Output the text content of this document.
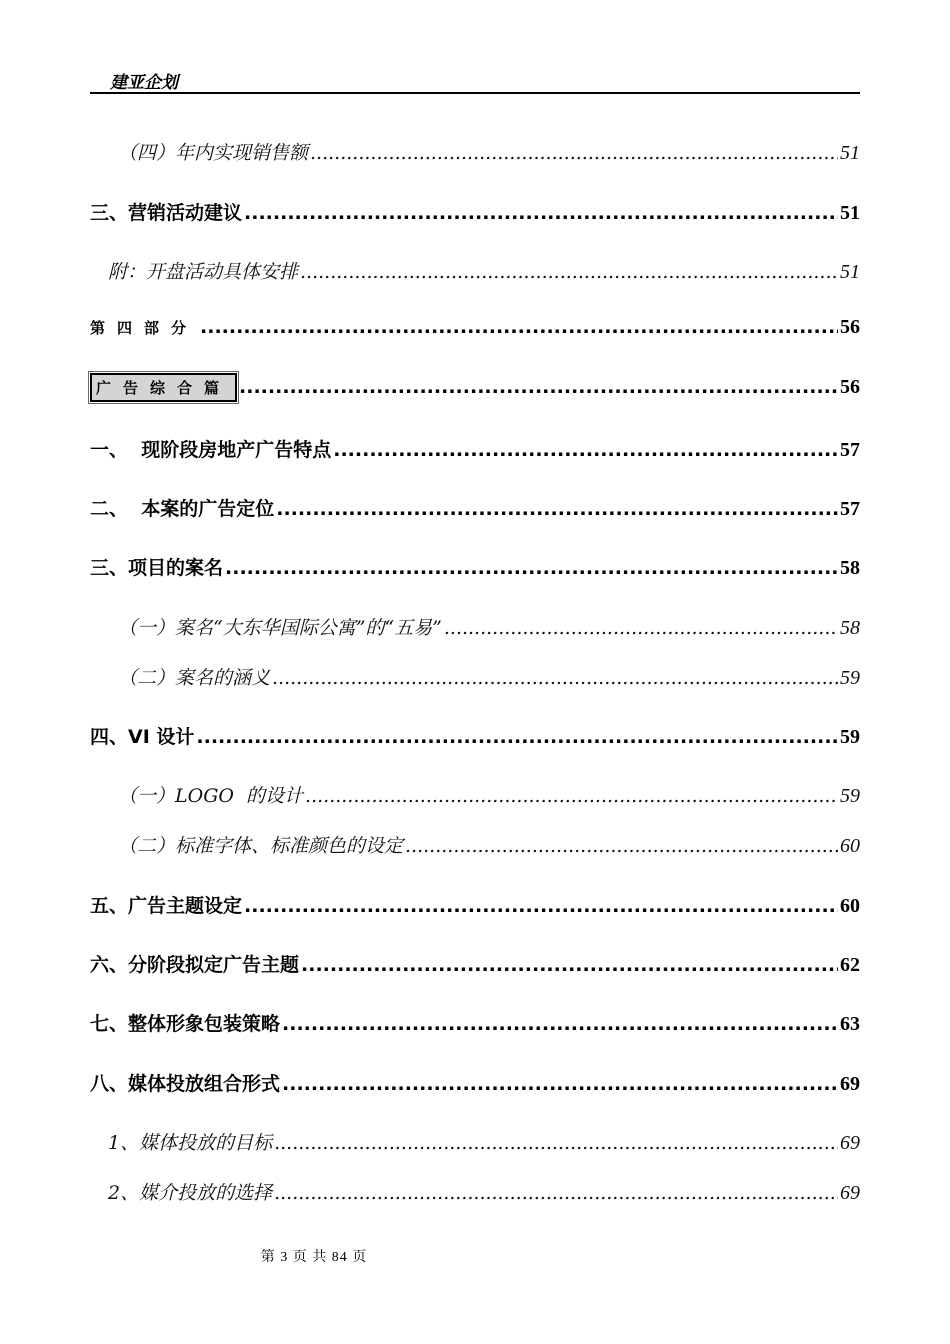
建亚企划
（四）年内实现销售额 .....	51
三、营销活动建议 .....	51
附：开盘活动具体安排 .....	51
第四部分 .....	56
广告综合篇 .....	56
一、  现阶段房地产广告特点 .....	57
二、  本案的广告定位 .....	57
三、项目的案名 .....	58
（一）案名“大东华国际公寓”的“五易” .....	58
（二）案名的涵义 .....	59
四、VI 设计 .....	59
（一）LOGO  的设计 .....	59
（二）标准字体、标准颜色的设定 .....	60
五、广告主题设定 .....	60
六、分阶段拟定广告主题 .....	62
七、整体形象包装策略 .....	63
八、媒体投放组合形式 .....	69
1、媒体投放的目标 .....	69
2、媒介投放的选择 .....	69
第 3 页 共 84 页
